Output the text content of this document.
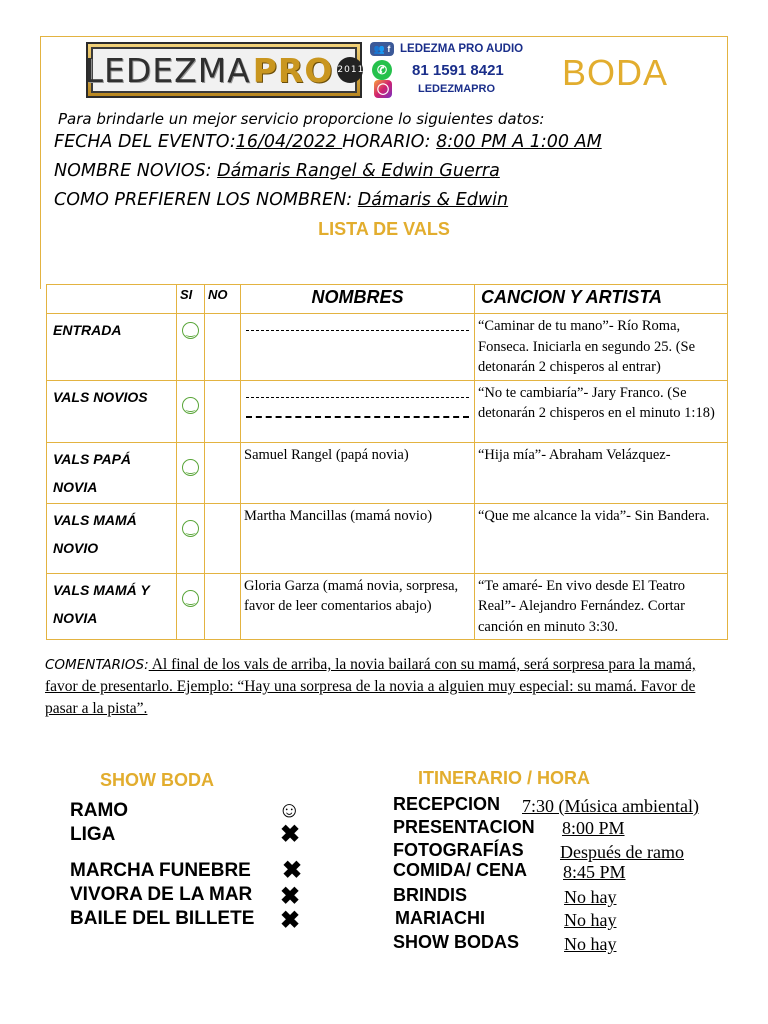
LEDEZMA PRO 2011
👥 f LEDEZMA PRO AUDIO
✆	81 1591 8421
◯	LEDEZMAPRO BODA
Para brindarle un mejor servicio proporcione lo siguientes datos:
FECHA DEL EVENTO:16/04/2022 HORARIO: 8:00 PM A 1:00 AM
NOMBRE NOVIOS: Dámaris Rangel & Edwin Guerra
COMO PREFIEREN LOS NOMBREN: Dámaris & Edwin
LISTA DE VALS
	SI	NO	NOMBRES	CANCION Y ARTISTA
ENTRADA	‿			“Caminar de tu mano”- Río Roma, Fonseca. Iniciarla en segundo 25. (Se detonarán 2 chisperos al entrar)
VALS NOVIOS	‿			“No te cambiaría”- Jary Franco. (Se detonarán 2 chisperos en el minuto 1:18)
VALS PAPÁ NOVIA	‿		Samuel Rangel (papá novia)	“Hija mía”- Abraham Velázquez-
VALS MAMÁ NOVIO	‿		Martha Mancillas (mamá novio)	“Que me alcance la vida”- Sin Bandera.
VALS MAMÁ Y NOVIA	‿		Gloria Garza (mamá novia, sorpresa, favor de leer comentarios abajo)	“Te amaré- En vivo desde El Teatro Real”- Alejandro Fernández. Cortar canción en minuto 3:30.
COMENTARIOS: Al final de los vals de arriba, la novia bailará con su mamá, será sorpresa para la mamá, favor de presentarlo. Ejemplo: “Hay una sorpresa de la novia a alguien muy especial: su mamá. Favor de pasar a la pista”.
SHOW BODA
RAMO	☺
LIGA	✖
MARCHA FUNEBRE ✖
VIVORA DE LA MAR ✖
BAILE DEL BILLETE ✖
ITINERARIO / HORA
RECEPCION 7:30 (Música ambiental)
PRESENTACION 8:00 PM
FOTOGRAFÍAS Después de ramo
COMIDA/ CENA 8:45 PM
BRINDIS	No hay
MARIACHI	No hay
SHOW BODAS	No hay
